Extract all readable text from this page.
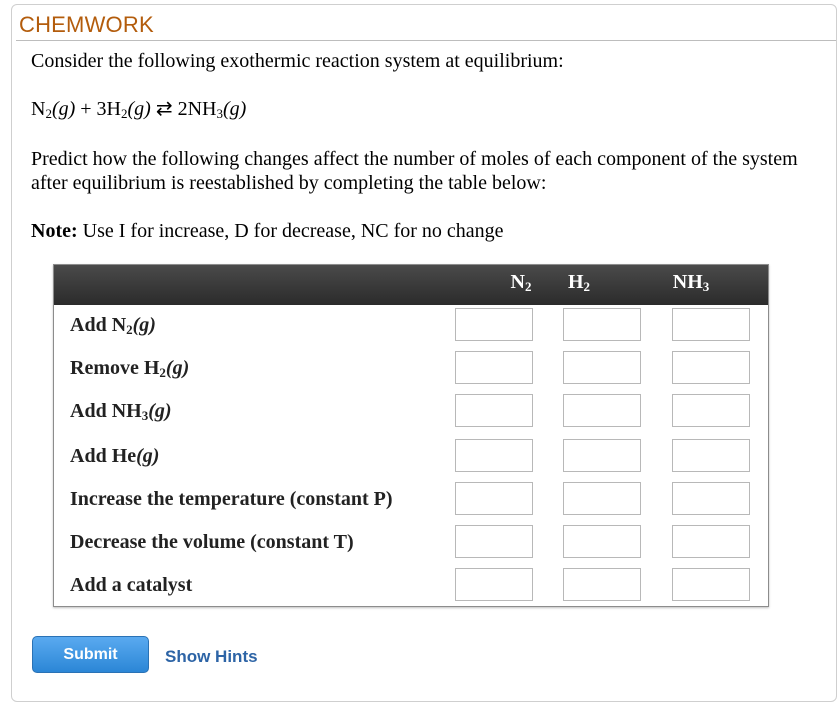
CHEMWORK
Consider the following exothermic reaction system at equilibrium:
$N_2(g) + 3H_2(g)$ ⇄ $2NH_3(g)$
Predict how the following changes affect the number of moles of each component of the system after equilibrium is reestablished by completing the table below:
Note: Use I for increase, D for decrease, NC for no change
$N_2$	$H_2$	$NH_3$
Add $N_2(g)$
Remove $H_2(g)$
Add $NH_3(g)$
Add He(g)
Increase the temperature (constant P)
Decrease the volume (constant T)
Add a catalyst
Submit	Show Hints
